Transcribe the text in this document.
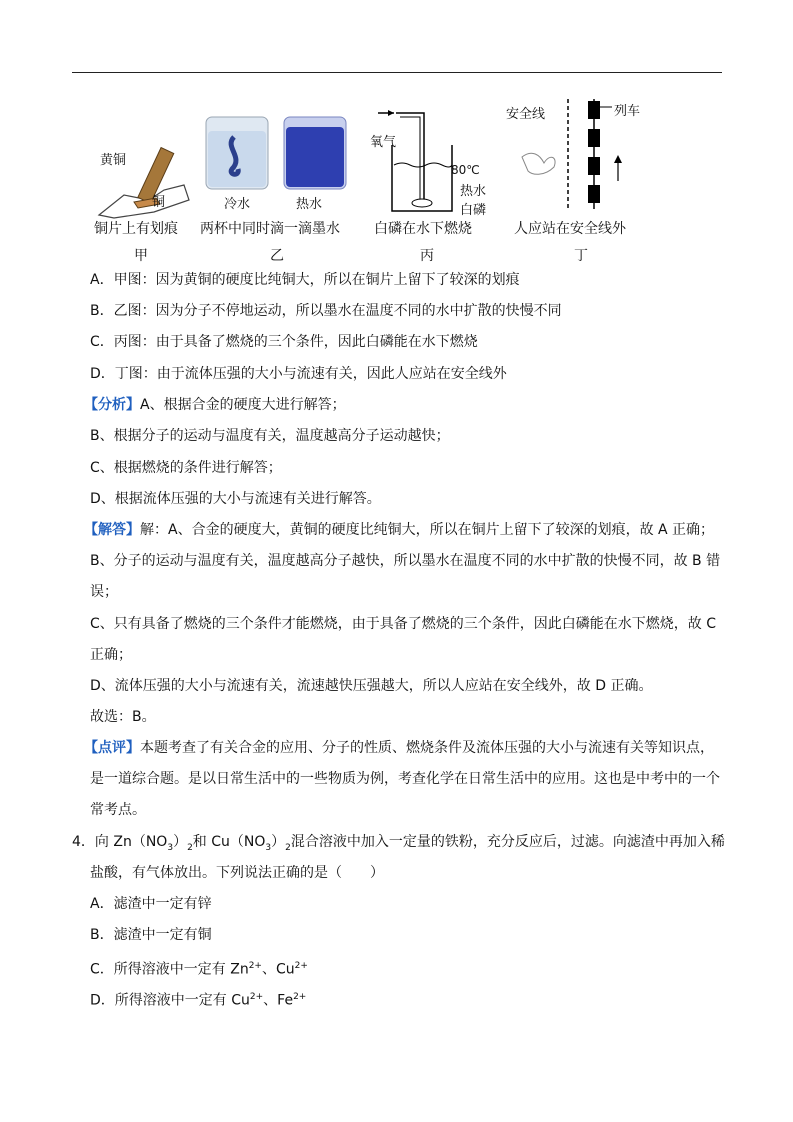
黄铜
铜
铜片上有划痕
甲
冷水	热水
两杯中同时滴一滴墨水
乙
氧气
80℃
热水
白磷
白磷在水下燃烧
丙
安全线	列车
人应站在安全线外
丁
A．甲图：因为黄铜的硬度比纯铜大，所以在铜片上留下了较深的划痕
B．乙图：因为分子不停地运动，所以墨水在温度不同的水中扩散的快慢不同
C．丙图：由于具备了燃烧的三个条件，因此白磷能在水下燃烧
D．丁图：由于流体压强的大小与流速有关，因此人应站在安全线外
【分析】A、根据合金的硬度大进行解答；
B、根据分子的运动与温度有关，温度越高分子运动越快；
C、根据燃烧的条件进行解答；
D、根据流体压强的大小与流速有关进行解答。
【解答】解：A、合金的硬度大，黄铜的硬度比纯铜大，所以在铜片上留下了较深的划痕，故 A 正确；
B、分子的运动与温度有关，温度越高分子越快，所以墨水在温度不同的水中扩散的快慢不同，故 B 错
误；
C、只有具备了燃烧的三个条件才能燃烧，由于具备了燃烧的三个条件，因此白磷能在水下燃烧，故 C
正确；
D、流体压强的大小与流速有关，流速越快压强越大，所以人应站在安全线外，故 D 正确。
故选：B。
【点评】本题考查了有关合金的应用、分子的性质、燃烧条件及流体压强的大小与流速有关等知识点，
是一道综合题。是以日常生活中的一些物质为例，考查化学在日常生活中的应用。这也是中考中的一个
常考点。
4．向 $Zn(NO_3)_2$和 $Cu(NO_3)_2$混合溶液中加入一定量的铁粉，充分反应后，过滤。向滤渣中再加入稀
盐酸，有气体放出。下列说法正确的是（　　）
A．滤渣中一定有锌
B．滤渣中一定有铜
C．所得溶液中一定有 $Zn^{2+}$、$Cu^{2+}$
D．所得溶液中一定有 $Cu^{2+}$、$Fe^{2+}$
